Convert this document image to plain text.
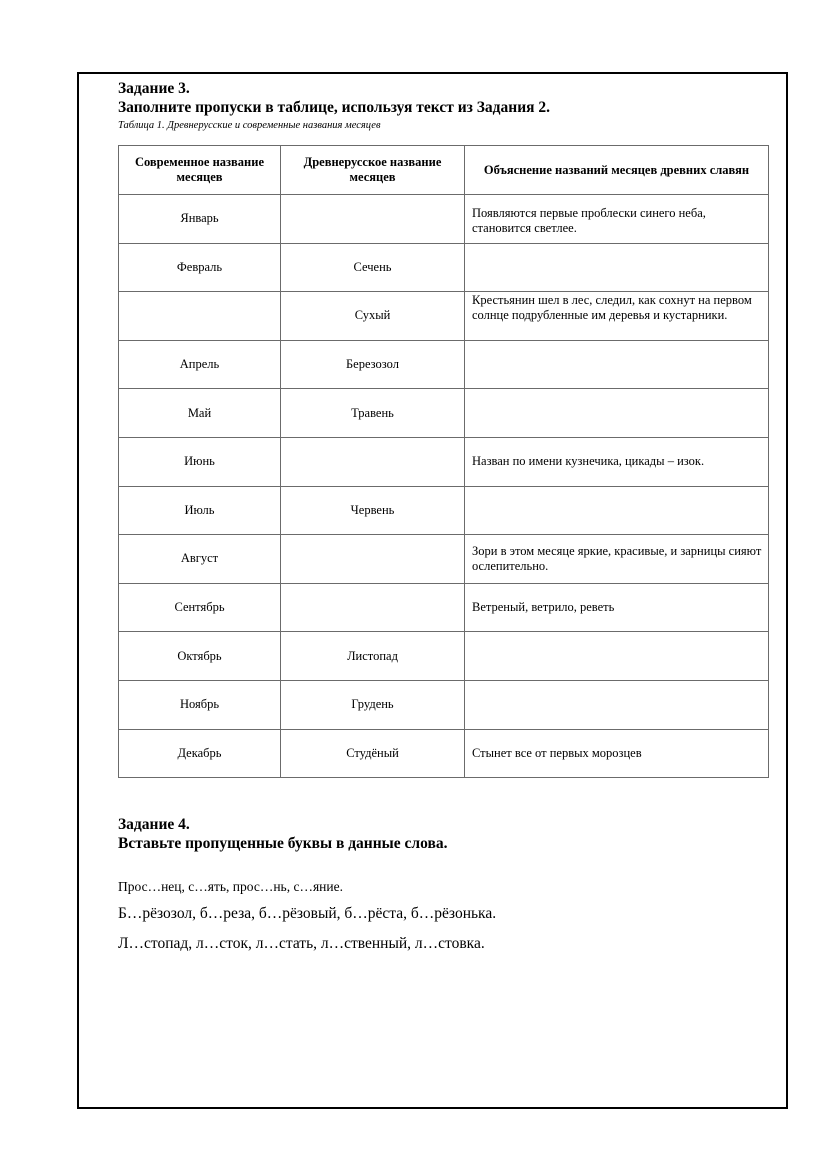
Задание 3.
Заполните пропуски в таблице, используя текст из Задания 2.
Таблица 1. Древнерусские и современные названия месяцев
Современное название месяцев	Древнерусское название месяцев	Объяснение названий месяцев древних славян
Январь		Появляются первые проблески синего неба, становится светлее.

Февраль	Сечень	

	Сухый	Крестьянин шел в лес, следил, как сохнут на первом солнце подрубленные им деревья и кустарники.

Апрель	Березозол	

Май	Травень	

Июнь		Назван по имени кузнечика, цикады – изок.

Июль	Червень	

Август		Зори в этом месяце яркие, красивые, и зарницы сияют ослепительно.

Сентябрь		Ветреный, ветрило, реветь

Октябрь	Листопад	

Ноябрь	Грудень	

Декабрь	Студёный	Стынет все от первых морозцев
Задание 4.
Вставьте пропущенные буквы в данные слова.
Прос…нец, с…ять, прос…нь, с…яние.
Б…рёзозол, б…реза, б…рёзовый, б…рёста, б…рёзонька.
Л…стопад, л…сток, л…стать, л…ственный, л…стовка.
